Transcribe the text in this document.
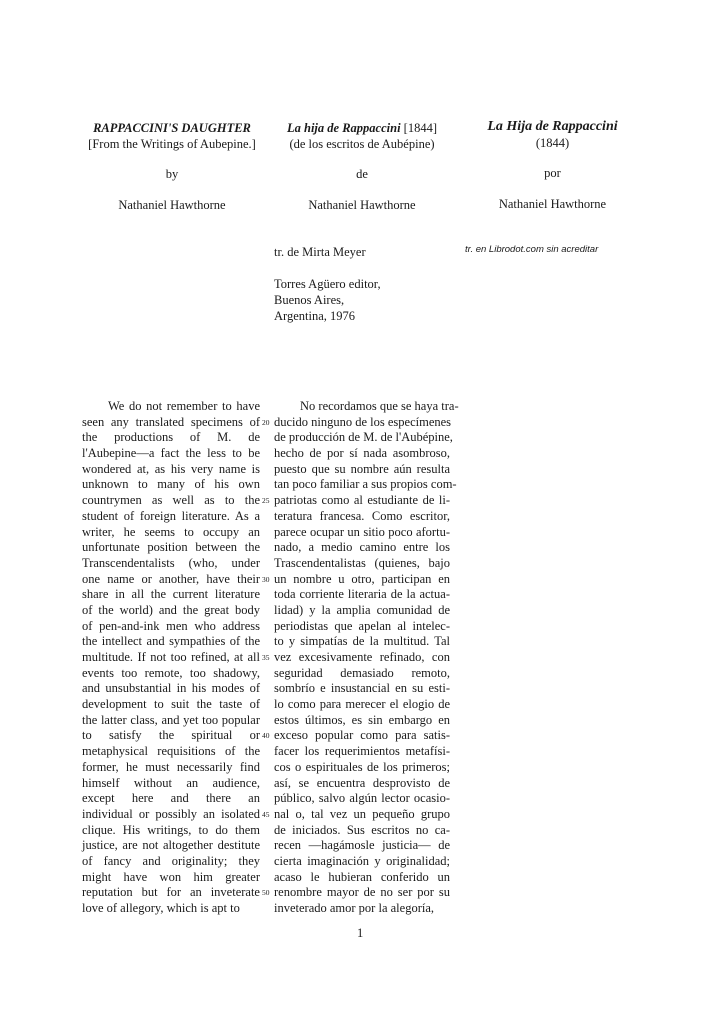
RAPPACCINI'S DAUGHTER
[From the Writings of Aubepine.]
by
Nathaniel Hawthorne
La hija de Rappaccini [1844]
(de los escritos de Aubépine)
de
Nathaniel Hawthorne
tr. de Mirta Meyer
Torres Agüero editor,
Buenos Aires,
Argentina, 1976
La Hija de Rappaccini
(1844)
por
Nathaniel Hawthorne
tr. en Librodot.com sin acreditar
We do not remember to have
seen any translated specimens of
the productions of M. de
l'Aubepine—a fact the less to be
wondered at, as his very name is
unknown to many of his own
countrymen as well as to the
student of foreign literature. As a
writer, he seems to occupy an
unfortunate position between the
Transcendentalists (who, under
one name or another, have their
share in all the current literature
of the world) and the great body
of pen-and-ink men who address
the intellect and sympathies of the
multitude. If not too refined, at all
events too remote, too shadowy,
and unsubstantial in his modes of
development to suit the taste of
the latter class, and yet too popular
to satisfy the spiritual or
metaphysical requisitions of the
former, he must necessarily find
himself without an audience,
except here and there an
individual or possibly an isolated
clique. His writings, to do them
justice, are not altogether destitute
of fancy and originality; they
might have won him greater
reputation but for an inveterate
love of allegory, which is apt to
20
25
30
35
40
45
50
No recordamos que se haya tra-
ducido ninguno de los especímenes
de producción de M. de l'Aubépine,
hecho de por sí nada asombroso,
puesto que su nombre aún resulta
tan poco familiar a sus propios com-
patriotas como al estudiante de li-
teratura francesa. Como escritor,
parece ocupar un sitio poco afortu-
nado, a medio camino entre los
Trascendentalistas (quienes, bajo
un nombre u otro, participan en
toda corriente literaria de la actua-
lidad) y la amplia comunidad de
periodistas que apelan al intelec-
to y simpatías de la multitud. Tal
vez excesivamente refinado, con
seguridad demasiado remoto,
sombrío e insustancial en su esti-
lo como para merecer el elogio de
estos últimos, es sin embargo en
exceso popular como para satis-
facer los requerimientos metafísi-
cos o espirituales de los primeros;
así, se encuentra desprovisto de
público, salvo algún lector ocasio-
nal o, tal vez un pequeño grupo
de iniciados. Sus escritos no ca-
recen —hagámosle justicia— de
cierta imaginación y originalidad;
acaso le hubieran conferido un
renombre mayor de no ser por su
inveterado amor por la alegoría,
1
